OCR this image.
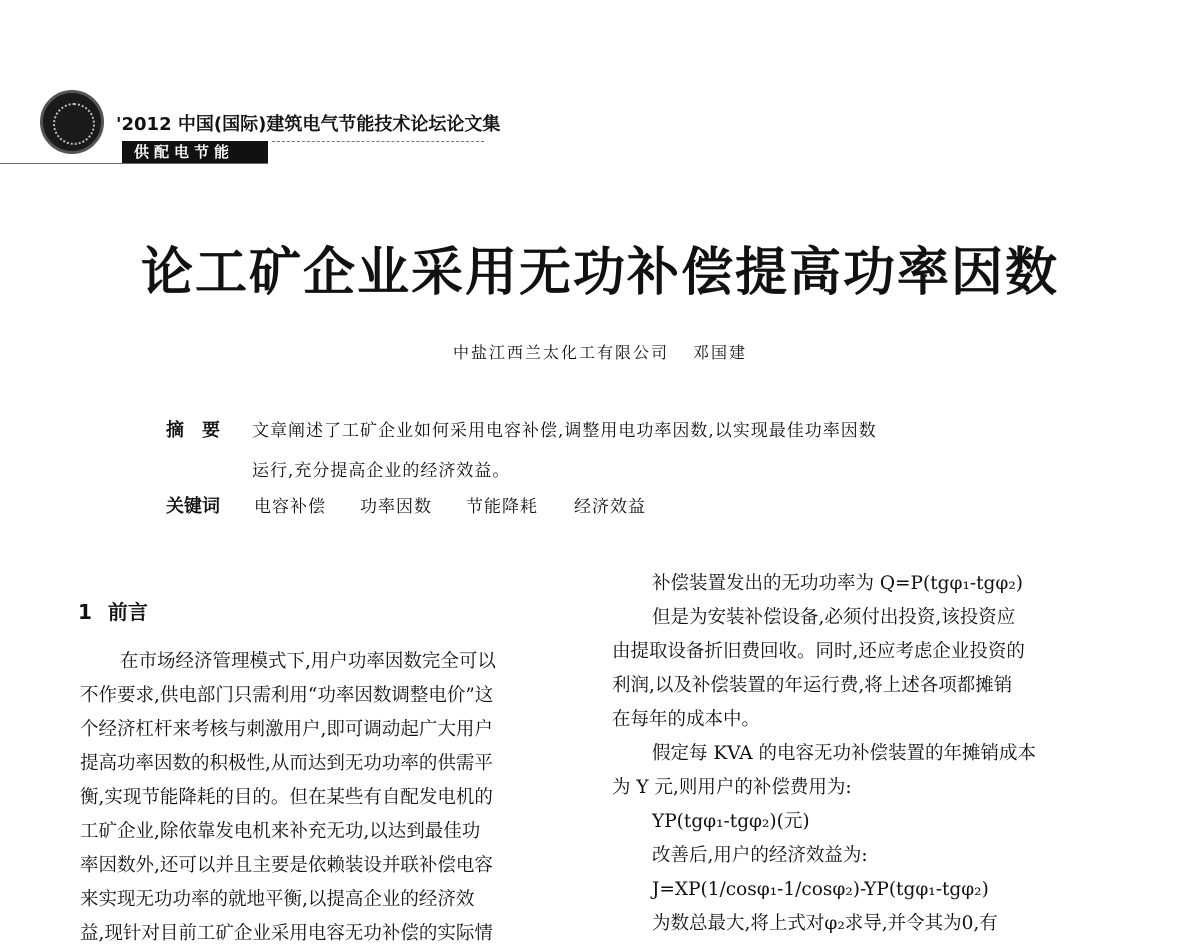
'2012 中国(国际)建筑电气节能技术论坛论文集
供配电节能
论工矿企业采用无功补偿提高功率因数
中盐江西兰太化工有限公司 邓国建
摘　要 文章阐述了工矿企业如何采用电容补偿,调整用电功率因数,以实现最佳功率因数
运行,充分提高企业的经济效益。
关键词 电容补偿 功率因数 节能降耗 经济效益
1 前言
在市场经济管理模式下,用户功率因数完全可以
不作要求,供电部门只需利用“功率因数调整电价”这
个经济杠杆来考核与刺激用户,即可调动起广大用户
提高功率因数的积极性,从而达到无功功率的供需平
衡,实现节能降耗的目的。但在某些有自配发电机的
工矿企业,除依靠发电机来补充无功,以达到最佳功
率因数外,还可以并且主要是依赖装设并联补偿电容
来实现无功功率的就地平衡,以提高企业的经济效
益,现针对目前工矿企业采用电容无功补偿的实际情
补偿装置发出的无功功率为 Q=P(tgφ₁-tgφ₂)
但是为安装补偿设备,必须付出投资,该投资应
由提取设备折旧费回收。同时,还应考虑企业投资的
利润,以及补偿装置的年运行费,将上述各项都摊销
在每年的成本中。
假定每 KVA 的电容无功补偿装置的年摊销成本
为 Y 元,则用户的补偿费用为:
YP(tgφ₁-tgφ₂)(元)
改善后,用户的经济效益为:
J=XP(1/cosφ₁-1/cosφ₂)-YP(tgφ₁-tgφ₂)
为数总最大,将上式对φ₂求导,并令其为0,有
